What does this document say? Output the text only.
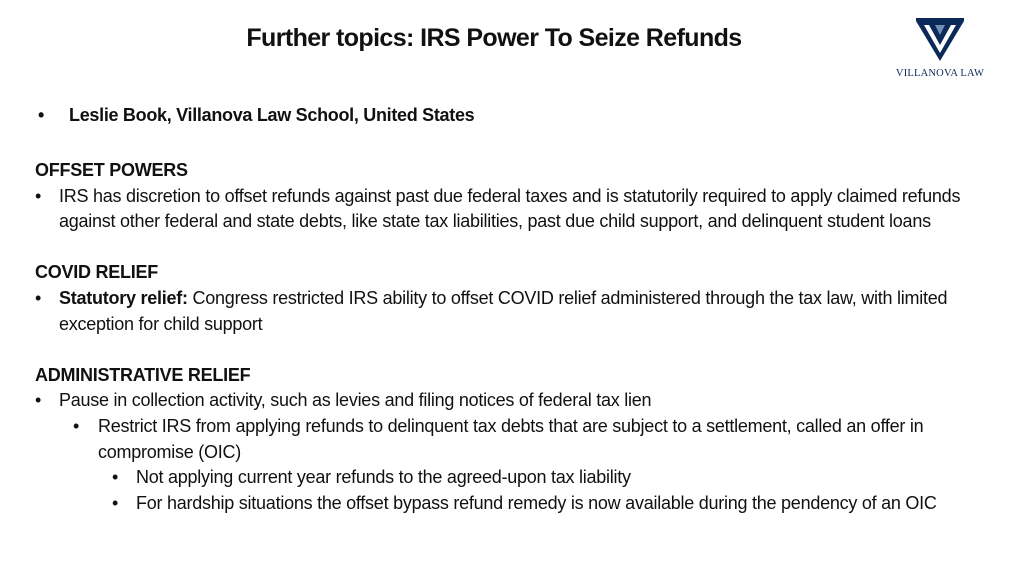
Further topics: IRS Power To Seize Refunds
VILLANOVA LAW
• Leslie Book, Villanova Law School, United States
OFFSET POWERS
• IRS has discretion to offset refunds against past due federal taxes and is statutorily required to apply claimed refunds against other federal and state debts, like state tax liabilities, past due child support, and delinquent student loans
COVID RELIEF
• Statutory relief: Congress restricted IRS ability to offset COVID relief administered through the tax law, with limited exception for child support
ADMINISTRATIVE RELIEF
• Pause in collection activity, such as levies and filing notices of federal tax lien
• Restrict IRS from applying refunds to delinquent tax debts that are subject to a settlement, called an offer in compromise (OIC)
• Not applying current year refunds to the agreed-upon tax liability
• For hardship situations the offset bypass refund remedy is now available during the pendency of an OIC
